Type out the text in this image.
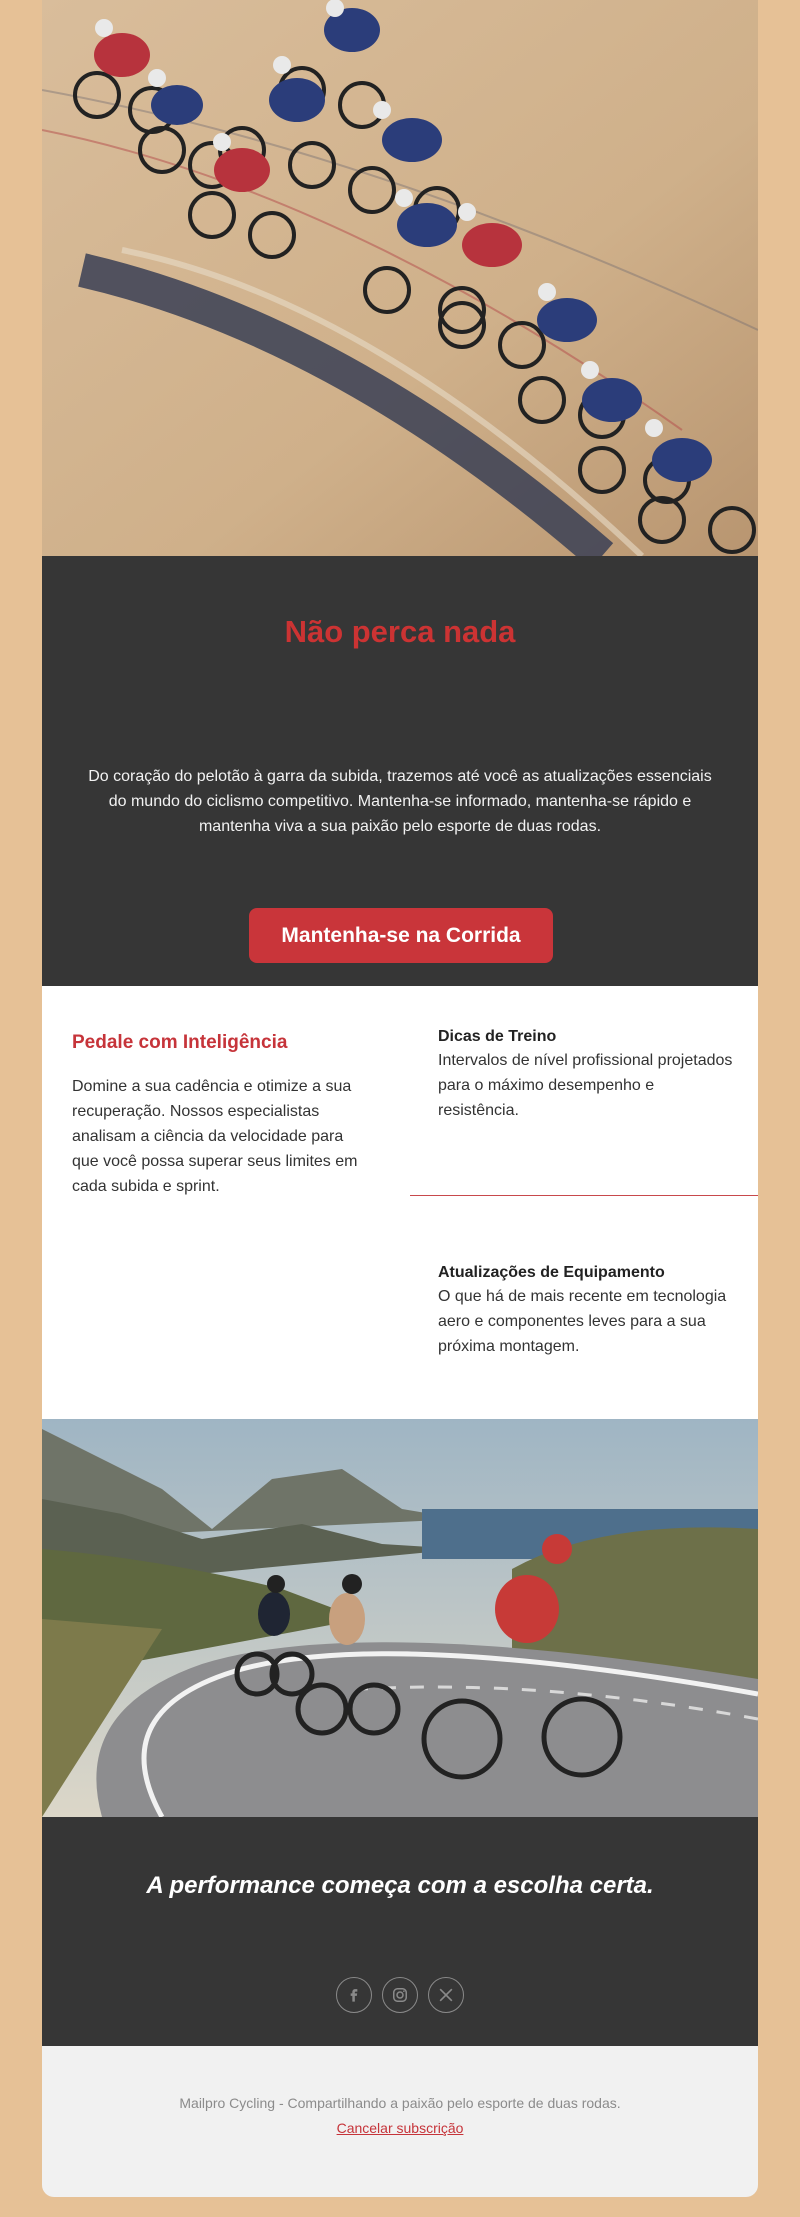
Não perca nada

Do coração do pelotão à garra da subida, trazemos até você as atualizações essenciais do mundo do ciclismo competitivo. Mantenha-se informado, mantenha-se rápido e mantenha viva a sua paixão pelo esporte de duas rodas.

Mantenha-se na Corrida
Pedale com Inteligência

Domine a sua cadência e otimize a sua recuperação. Nossos especialistas analisam a ciência da velocidade para que você possa superar seus limites em cada subida e sprint.

Dicas de Treino

Intervalos de nível profissional projetados para o máximo desempenho e resistência.

Atualizações de Equipamento

O que há de mais recente em tecnologia aero e componentes leves para a sua próxima montagem.

A performance começa com a escolha certa.

Mailpro Cycling - Compartilhando a paixão pelo esporte de duas rodas.

Cancelar subscrição
